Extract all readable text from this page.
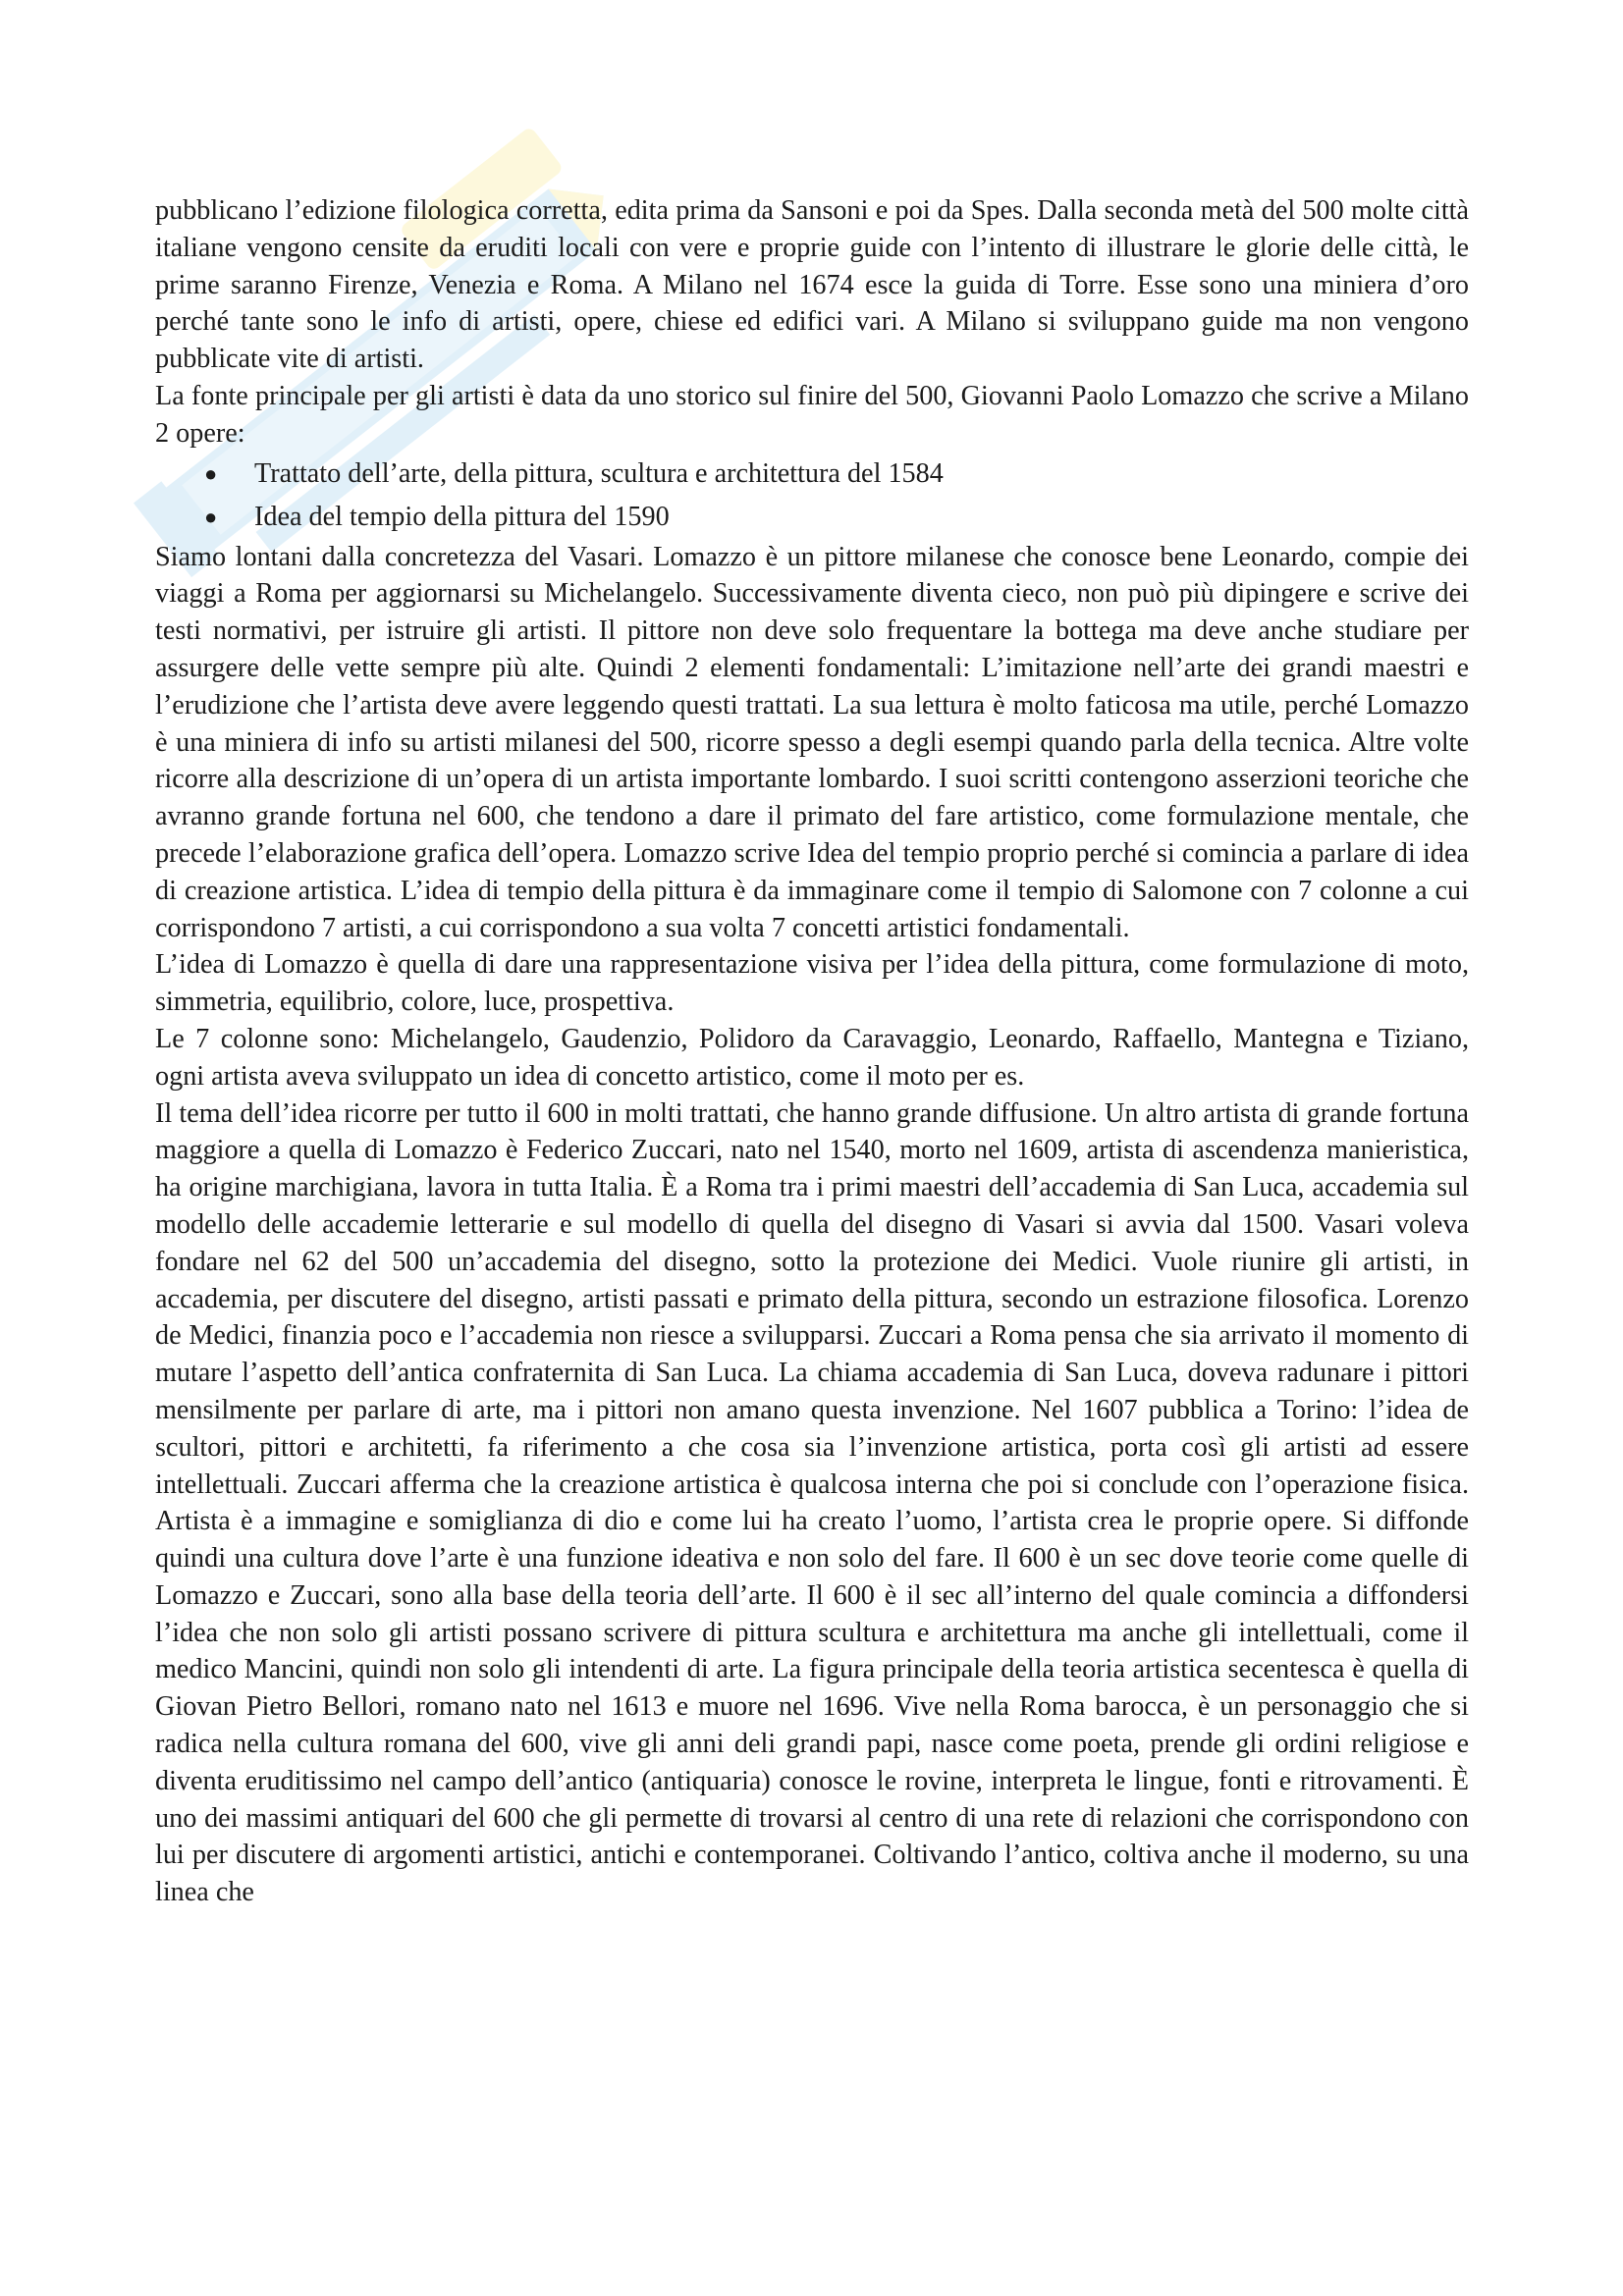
pubblicano l’edizione filologica corretta, edita prima da Sansoni e poi da Spes. Dalla seconda metà del 500 molte città italiane vengono censite da eruditi locali con vere e proprie guide con l’intento di illustrare le glorie delle città, le prime saranno Firenze, Venezia e Roma. A Milano nel 1674 esce la guida di Torre. Esse sono una miniera d’oro perché tante sono le info di artisti, opere, chiese ed edifici vari. A Milano si sviluppano guide ma non vengono pubblicate vite di artisti.

La fonte principale per gli artisti è data da uno storico sul finire del 500, Giovanni Paolo Lomazzo che scrive a Milano 2 opere:

● Trattato dell’arte, della pittura, scultura e architettura del 1584
● Idea del tempio della pittura del 1590

Siamo lontani dalla concretezza del Vasari. Lomazzo è un pittore milanese che conosce bene Leonardo, compie dei viaggi a Roma per aggiornarsi su Michelangelo. Successivamente diventa cieco, non può più dipingere e scrive dei testi normativi, per istruire gli artisti. Il pittore non deve solo frequentare la bottega ma deve anche studiare per assurgere delle vette sempre più alte. Quindi 2 elementi fondamentali: L’imitazione nell’arte dei grandi maestri e l’erudizione che l’artista deve avere leggendo questi trattati. La sua lettura è molto faticosa ma utile, perché Lomazzo è una miniera di info su artisti milanesi del 500, ricorre spesso a degli esempi quando parla della tecnica. Altre volte ricorre alla descrizione di un’opera di un artista importante lombardo. I suoi scritti contengono asserzioni teoriche che avranno grande fortuna nel 600, che tendono a dare il primato del fare artistico, come formulazione mentale, che precede l’elaborazione grafica dell’opera. Lomazzo scrive Idea del tempio proprio perché si comincia a parlare di idea di creazione artistica. L’idea di tempio della pittura è da immaginare come il tempio di Salomone con 7 colonne a cui corrispondono 7 artisti, a cui corrispondono a sua volta 7 concetti artistici fondamentali.

L’idea di Lomazzo è quella di dare una rappresentazione visiva per l’idea della pittura, come formulazione di moto, simmetria, equilibrio, colore, luce, prospettiva.

Le 7 colonne sono: Michelangelo, Gaudenzio, Polidoro da Caravaggio, Leonardo, Raffaello, Mantegna e Tiziano, ogni artista aveva sviluppato un idea di concetto artistico, come il moto per es.

Il tema dell’idea ricorre per tutto il 600 in molti trattati, che hanno grande diffusione. Un altro artista di grande fortuna maggiore a quella di Lomazzo è Federico Zuccari, nato nel 1540, morto nel 1609, artista di ascendenza manieristica, ha origine marchigiana, lavora in tutta Italia. È a Roma tra i primi maestri dell’accademia di San Luca, accademia sul modello delle accademie letterarie e sul modello di quella del disegno di Vasari si avvia dal 1500. Vasari voleva fondare nel 62 del 500 un’accademia del disegno, sotto la protezione dei Medici. Vuole riunire gli artisti, in accademia, per discutere del disegno, artisti passati e primato della pittura, secondo un estrazione filosofica. Lorenzo de Medici, finanzia poco e l’accademia non riesce a svilupparsi. Zuccari a Roma pensa che sia arrivato il momento di mutare l’aspetto dell’antica confraternita di San Luca. La chiama accademia di San Luca, doveva radunare i pittori mensilmente per parlare di arte, ma i pittori non amano questa invenzione. Nel 1607 pubblica a Torino: l’idea de scultori, pittori e architetti, fa riferimento a che cosa sia l’invenzione artistica, porta così gli artisti ad essere intellettuali. Zuccari afferma che la creazione artistica è qualcosa interna che poi si conclude con l’operazione fisica. Artista è a immagine e somiglianza di dio e come lui ha creato l’uomo, l’artista crea le proprie opere. Si diffonde quindi una cultura dove l’arte è una funzione ideativa e non solo del fare. Il 600 è un sec dove teorie come quelle di Lomazzo e Zuccari, sono alla base della teoria dell’arte. Il 600 è il sec all’interno del quale comincia a diffondersi l’idea che non solo gli artisti possano scrivere di pittura scultura e architettura ma anche gli intellettuali, come il medico Mancini, quindi non solo gli intendenti di arte. La figura principale della teoria artistica secentesca è quella di Giovan Pietro Bellori, romano nato nel 1613 e muore nel 1696. Vive nella Roma barocca, è un personaggio che si radica nella cultura romana del 600, vive gli anni deli grandi papi, nasce come poeta, prende gli ordini religiose e diventa eruditissimo nel campo dell’antico (antiquaria) conosce le rovine, interpreta le lingue, fonti e ritrovamenti. È uno dei massimi antiquari del 600 che gli permette di trovarsi al centro di una rete di relazioni che corrispondono con lui per discutere di argomenti artistici, antichi e contemporanei. Coltivando l’antico, coltiva anche il moderno, su una linea che
